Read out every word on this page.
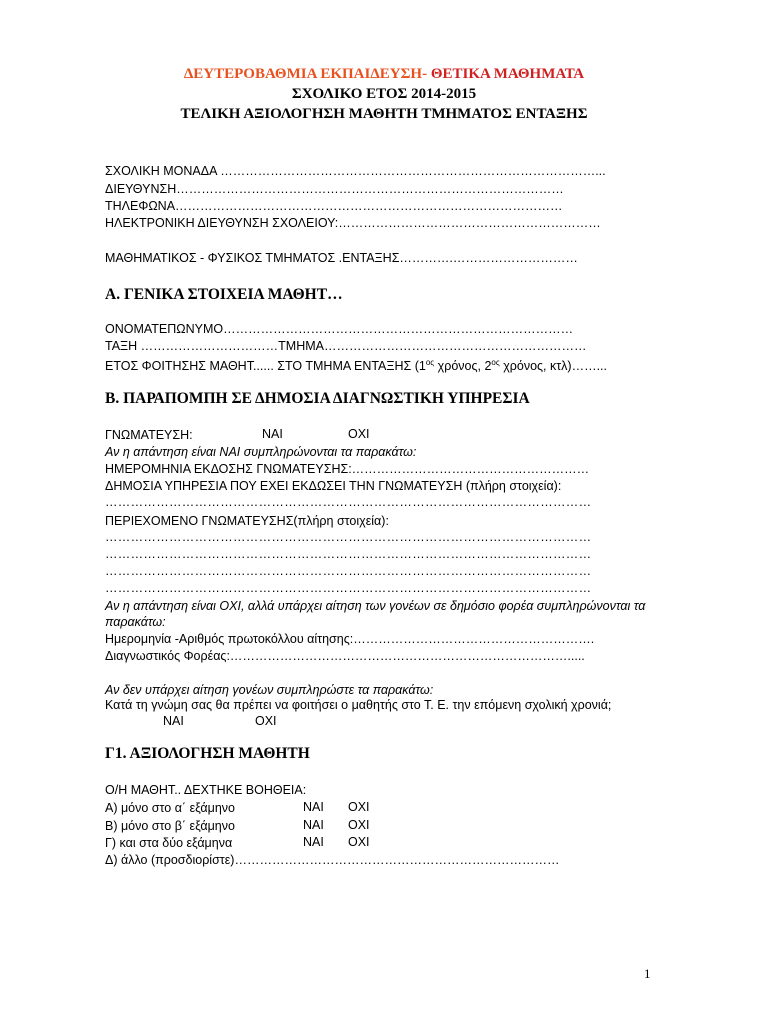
ΔΕΥΤΕΡΟΒΑΘΜΙΑ ΕΚΠΑΙΔΕΥΣΗ- ΘΕΤΙΚΑ ΜΑΘΗΜΑΤΑ
ΣΧΟΛΙΚΟ ΕΤΟΣ 2014-2015
ΤΕΛΙΚΗ ΑΞΙΟΛΟΓΗΣΗ ΜΑΘΗΤΗ ΤΜΗΜΑΤΟΣ ΕΝΤΑΞΗΣ
ΣΧΟΛΙΚΗ ΜΟΝΑΔΑ ………………………………………………………………………………...
ΔΙΕΥΘΥΝΣΗ…………………………………………………………………………………
ΤΗΛΕΦΩΝΑ…………………………………………………………………………………
ΗΛΕΚΤΡΟΝΙΚΗ ΔΙΕΥΘΥΝΣΗ ΣΧΟΛΕΙΟΥ:………………………………………………………
ΜΑΘΗΜΑΤΙΚΟΣ - ΦΥΣΙΚΟΣ ΤΜΗΜΑΤΟΣ .ΕΝΤΑΞΗΣ………….…………………………
Α. ΓΕΝΙΚΑ ΣΤΟΙΧΕΙΑ ΜΑΘΗΤ…
ΟΝΟΜΑΤΕΠΩΝΥΜΟ…………………………………………………………………………
ΤΑΞΗ ……………………………ΤΜΗΜΑ………………………………………………………
ΕΤΟΣ ΦΟΙΤΗΣΗΣ ΜΑΘΗΤ...... ΣΤΟ ΤΜΗΜΑ ΕΝΤΑΞΗΣ ($1^{o\varsigma}$ χρόνος, $2^{o\varsigma}$ χρόνος, κτλ)……...
Β. ΠΑΡΑΠΟΜΠΗ ΣΕ ΔΗΜΟΣΙΑ ΔΙΑΓΝΩΣΤΙΚΗ ΥΠΗΡΕΣΙΑ
ΓΝΩΜΑΤΕΥΣΗ:	ΝΑΙ	ΟΧΙ
Αν η απάντηση είναι ΝΑΙ συμπληρώνονται τα παρακάτω:
ΗΜΕΡΟΜΗΝΙΑ ΕΚΔΟΣΗΣ ΓΝΩΜΑΤΕΥΣΗΣ:…………………………………………………
ΔΗΜΟΣΙΑ ΥΠΗΡΕΣΙΑ ΠΟΥ ΕΧΕΙ ΕΚΔΩΣΕΙ ΤΗΝ ΓΝΩΜΑΤΕΥΣΗ (πλήρη στοιχεία):
……………………………………………………………………………………………………
ΠΕΡΙΕΧΟΜΕΝΟ ΓΝΩΜΑΤΕΥΣΗΣ(πλήρη στοιχεία):
……………………………………………………………………………………………………
……………………………………………………………………………………………………
……………………………………………………………………………………………………
……………………………………………………………………………………………………
Αν η απάντηση είναι ΟΧΙ, αλλά υπάρχει αίτηση των γονέων σε δημόσιο φορέα συμπληρώνονται τα
παρακάτω:
Ημερομηνία -Αριθμός πρωτοκόλλου αίτησης:………………………………………………….
Διαγνωστικός Φορέας:……………………………………………………………………….....
Αν δεν υπάρχει αίτηση γονέων συμπληρώστε τα παρακάτω:
Κατά τη γνώμη σας θα πρέπει να φοιτήσει ο μαθητής στο Τ. Ε. την επόμενη σχολική χρονιά;
ΝΑΙ	ΟΧΙ
Γ1. ΑΞΙΟΛΟΓΗΣΗ ΜΑΘΗΤΗ
Ο/Η ΜΑΘΗΤ.. ΔΕΧΤΗΚΕ ΒΟΗΘΕΙΑ:
Α) μόνο στο α΄ εξάμηνο	ΝΑΙ ΟΧΙ
Β) μόνο στο β΄ εξάμηνο	ΝΑΙ ΟΧΙ
Γ) και στα δύο εξάμηνα	ΝΑΙ ΟΧΙ
Δ) άλλο (προσδιορίστε)……………………………………………………………………
1
